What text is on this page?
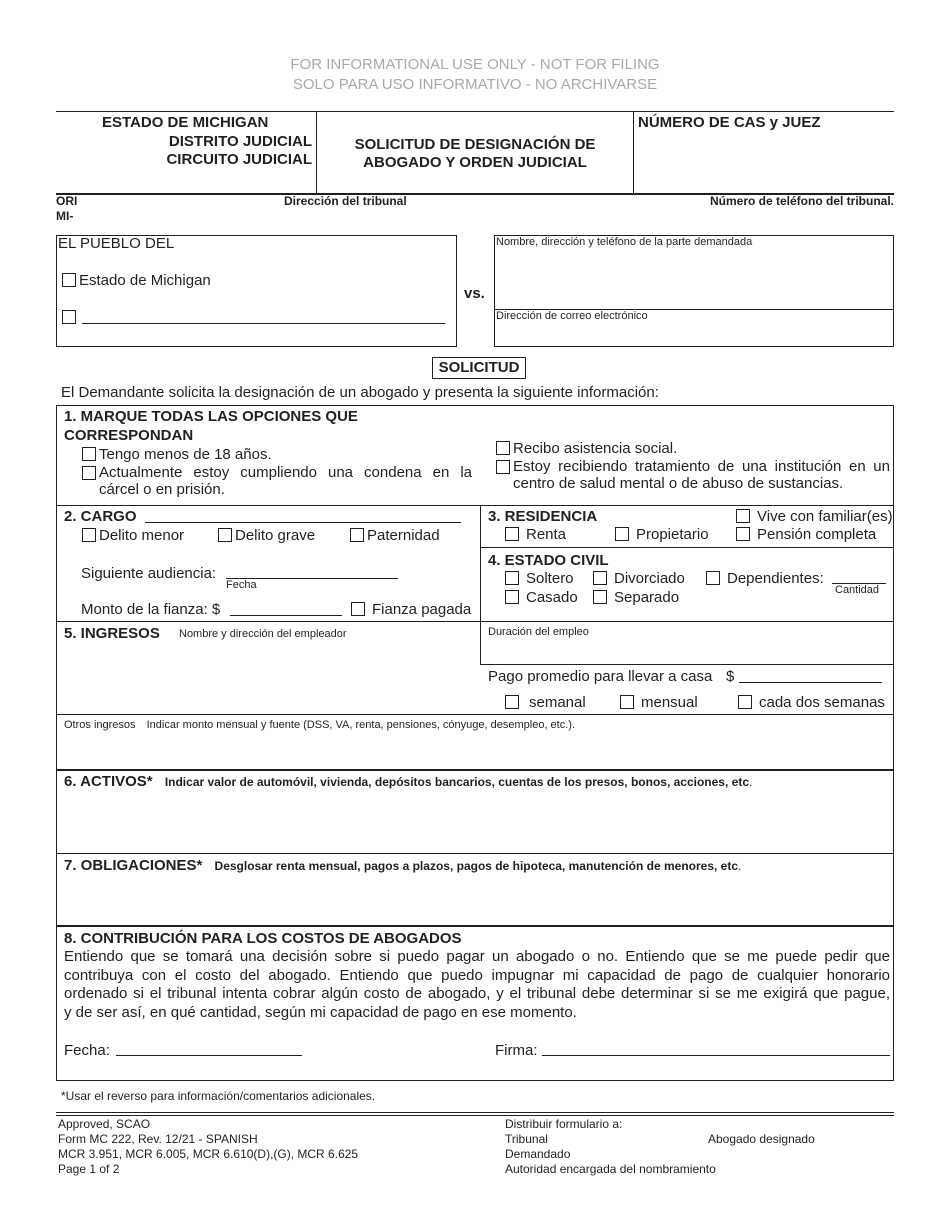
FOR INFORMATIONAL USE ONLY - NOT FOR FILING
SOLO PARA USO INFORMATIVO - NO ARCHIVARSE
ESTADO DE MICHIGAN
DISTRITO JUDICIAL
CIRCUITO JUDICIAL
SOLICITUD DE DESIGNACIÓN DE
ABOGADO Y ORDEN JUDICIAL
NÚMERO DE CAS y JUEZ
ORI
MI-
Dirección del tribunal	Número de teléfono del tribunal.
EL PUEBLO DEL
Estado de Michigan
vs.
Nombre, dirección y teléfono de la parte demandada
Dirección de correo electrónico
SOLICITUD
El Demandante solicita la designación de un abogado y presenta la siguiente información:
1. MARQUE TODAS LAS OPCIONES QUE
CORRESPONDAN
Tengo menos de 18 años.
Actualmente estoy cumpliendo una condena en la
cárcel o en prisión.
Recibo asistencia social.
Estoy recibiendo tratamiento de una institución en un
centro de salud mental o de abuso de sustancias.
2. CARGO
Delito menor	Delito grave	Paternidad
Siguiente audiencia:
Fecha
Monto de la fianza: $	Fianza pagada
3. RESIDENCIA	Vive con familiar(es)
Renta	Propietario	Pensión completa
4. ESTADO CIVIL
Soltero	Divorciado	Dependientes:
Cantidad
Casado	Separado
5. INGRESOS Nombre y dirección del empleador	Duración del empleo
Pago promedio para llevar a casa $
semanal	mensual	cada dos semanas
Otros ingresos Indicar monto mensual y fuente (DSS, VA, renta, pensiones, cónyuge, desempleo, etc.).
6. ACTIVOS* Indicar valor de automóvil, vivienda, depósitos bancarios, cuentas de los presos, bonos, acciones, etc.
7. OBLIGACIONES* Desglosar renta mensual, pagos a plazos, pagos de hipoteca, manutención de menores, etc.
8. CONTRIBUCIÓN PARA LOS COSTOS DE ABOGADOS
Entiendo que se tomará una decisión sobre si puedo pagar un abogado o no. Entiendo que se me puede pedir que
contribuya con el costo del abogado. Entiendo que puedo impugnar mi capacidad de pago de cualquier honorario
ordenado si el tribunal intenta cobrar algún costo de abogado, y el tribunal debe determinar si se me exigirá que pague,
y de ser así, en qué cantidad, según mi capacidad de pago en ese momento.
Fecha:	Firma:
*Usar el reverso para información/comentarios adicionales.
Approved, SCAO
Form MC 222, Rev. 12/21 - SPANISH
MCR 3.951, MCR 6.005, MCR 6.610(D),(G), MCR 6.625
Page 1 of 2
Distribuir formulario a:
Tribunal
Demandado
Autoridad encargada del nombramiento
Abogado designado
